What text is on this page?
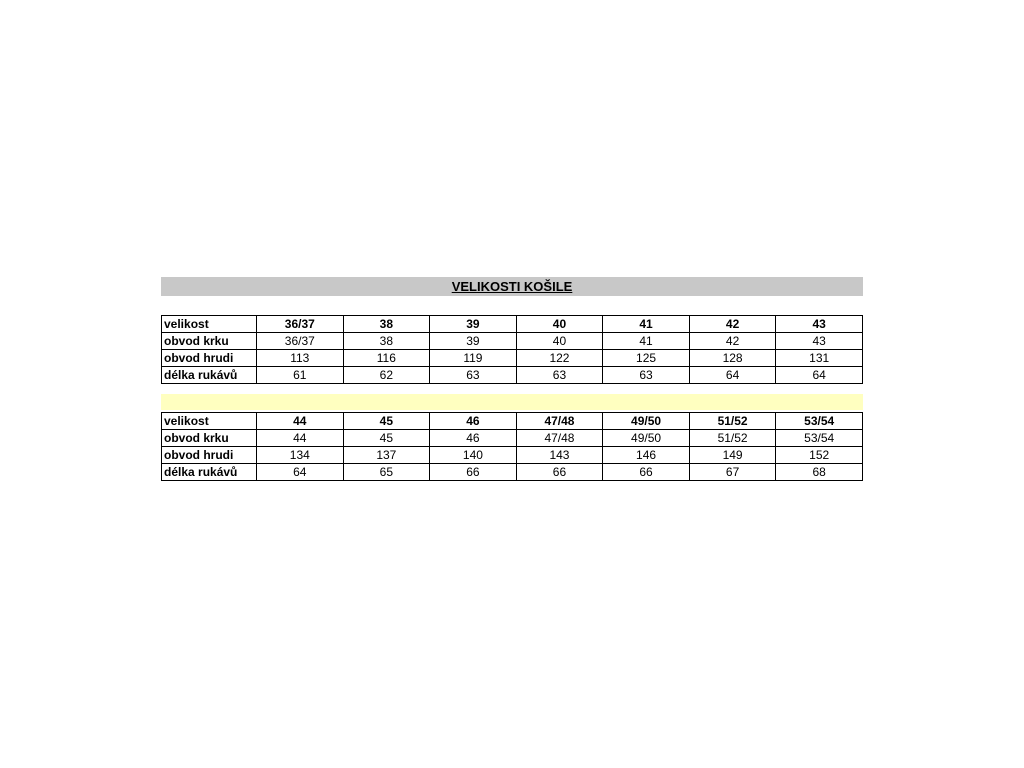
VELIKOSTI KOŠILE
velikost	36/37	38	39	40	41	42	43
obvod krku	36/37	38	39	40	41	42	43
obvod hrudi	113	116	119	122	125	128	131
délka rukávů	61	62	63	63	63	64	64
velikost	44	45	46	47/48	49/50	51/52	53/54
obvod krku	44	45	46	47/48	49/50	51/52	53/54
obvod hrudi	134	137	140	143	146	149	152
délka rukávů	64	65	66	66	66	67	68
